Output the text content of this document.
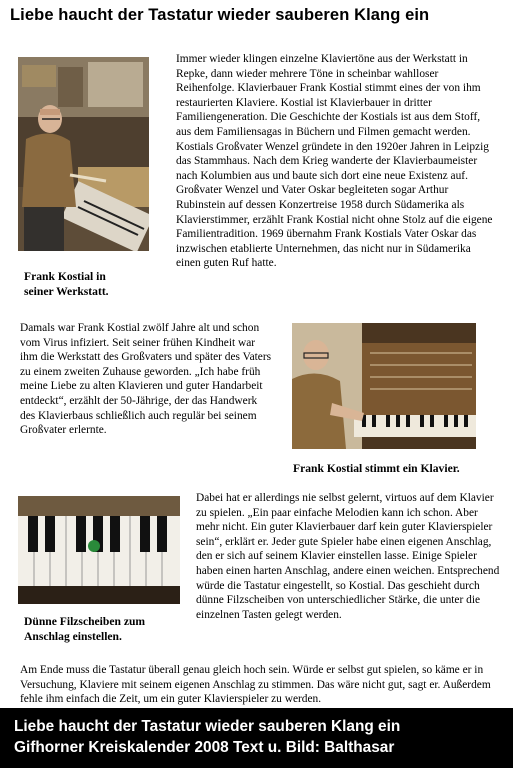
Liebe haucht der Tastatur wieder sauberen Klang ein

Immer wieder klingen einzelne Klaviertöne aus der Werkstatt in Repke, dann wieder mehrere Töne in scheinbar wahlloser Reihenfolge. Klavierbauer Frank Kostial stimmt eines der von ihm restaurierten Klaviere. Kostial ist Klavierbauer in dritter Familiengeneration. Die Geschichte der Kostials ist aus dem Stoff, aus dem Familiensagas in Büchern und Filmen gemacht werden. Kostials Großvater Wenzel gründete in den 1920er Jahren in Leipzig das Stammhaus. Nach dem Krieg wanderte der Klavierbaumeister nach Kolumbien aus und baute sich dort eine neue Existenz auf. Großvater Wenzel und Vater Oskar begleiteten sogar Arthur Rubinstein auf dessen Konzertreise 1958 durch Südamerika als Klavierstimmer, erzählt Frank Kostial nicht ohne Stolz auf die eigene Familientradition. 1969 übernahm Frank Kostials Vater Oskar das inzwischen etablierte Unternehmen, das nicht nur in Südamerika einen guten Ruf hatte.

Frank Kostial in seiner Werkstatt.

Damals war Frank Kostial zwölf Jahre alt und schon vom Virus infiziert. Seit seiner frühen Kindheit war ihm die Werkstatt des Großvaters und später des Vaters zu einem zweiten Zuhause geworden. „Ich habe früh meine Liebe zu alten Klavieren und guter Handarbeit entdeckt“, erzählt der 50-Jährige, der das Handwerk des Klavierbaus schließlich auch regulär bei seinem Großvater erlernte.

Frank Kostial stimmt ein Klavier.

Dabei hat er allerdings nie selbst gelernt, virtuos auf dem Klavier zu spielen. „Ein paar einfache Melodien kann ich schon. Aber mehr nicht. Ein guter Klavierbauer darf kein guter Klavierspieler sein“, erklärt er. Jeder gute Spieler habe einen eigenen Anschlag, den er sich auf seinem Klavier einstellen lasse. Einige Spieler haben einen harten Anschlag, andere einen weichen. Entsprechend würde die Tastatur eingestellt, so Kostial. Das geschieht durch dünne Filzscheiben von unterschiedlicher Stärke, die unter die einzelnen Tasten gelegt werden.

Dünne Filzscheiben zum Anschlag einstellen.

Am Ende muss die Tastatur überall genau gleich hoch sein. Würde er selbst gut spielen, so käme er in Versuchung, Klaviere mit seinem eigenen Anschlag zu stimmen. Das wäre nicht gut, sagt er. Außerdem fehle ihm einfach die Zeit, um ein guter Klavierspieler zu werden.

Liebe haucht der Tastatur wieder sauberen Klang ein
Gifhorner Kreiskalender 2008 Text u. Bild: Balthasar
